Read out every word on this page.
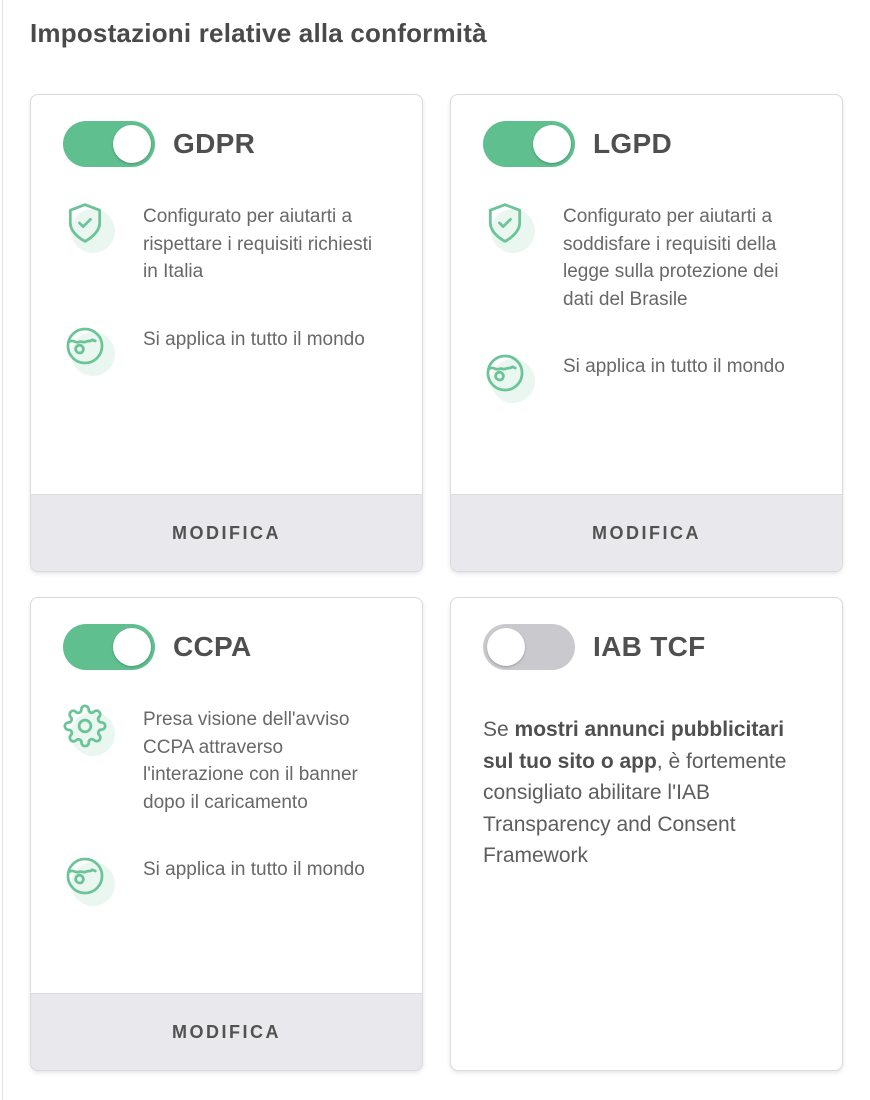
Impostazioni relative alla conformità
GDPR
Configurato per aiutarti a rispettare i requisiti richiesti in Italia
Si applica in tutto il mondo
MODIFICA
LGPD
Configurato per aiutarti a soddisfare i requisiti della legge sulla protezione dei dati del Brasile
Si applica in tutto il mondo
MODIFICA
CCPA
Presa visione dell'avviso CCPA attraverso l'interazione con il banner dopo il caricamento
Si applica in tutto il mondo
MODIFICA
IAB TCF
Se mostri annunci pubblicitari sul tuo sito o app, è fortemente consigliato abilitare l'IAB Transparency and Consent Framework
